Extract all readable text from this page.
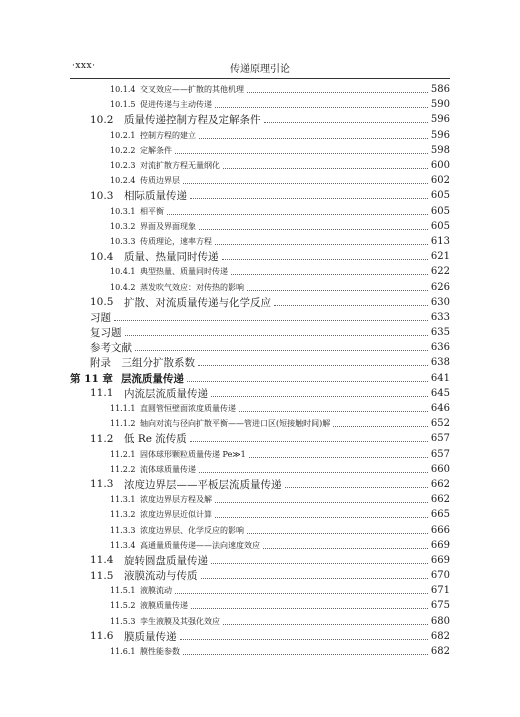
·xxx·	传递原理引论
10.1.4 交叉效应——扩散的其他机理	586
10.1.5 促进传递与主动传递	590
10.2	质量传递控制方程及定解条件	596
10.2.1 控制方程的建立	596
10.2.2 定解条件	598
10.2.3 对流扩散方程无量纲化	600
10.2.4 传质边界层	602
10.3	相际质量传递	605
10.3.1 相平衡	605
10.3.2 界面及界面现象	605
10.3.3 传质理论，速率方程	613
10.4	质量、热量同时传递	621
10.4.1 典型热量、质量同时传递	622
10.4.2 蒸发吹气效应：对传热的影响	626
10.5	扩散、对流质量传递与化学反应	630
习题	633
复习题	635
参考文献	636
附录　三组分扩散系数	638
第 11 章 层流质量传递	641
11.1	内流层流质量传递	645
11.1.1 直圆管恒壁面浓度质量传递	646
11.1.2 轴向对流与径向扩散平衡——管进口区(短接触时间)解	652
11.2	低 Re 流传质	657
11.2.1 固体球形颗粒质量传递 Pe≫1	657
11.2.2 流体球质量传递	660
11.3	浓度边界层——平板层流质量传递	662
11.3.1 浓度边界层方程及解	662
11.3.2 浓度边界层近似计算	665
11.3.3 浓度边界层、化学反应的影响	666
11.3.4 高通量质量传递——法向速度效应	669
11.4	旋转圆盘质量传递	669
11.5	液膜流动与传质	670
11.5.1 液膜流动	671
11.5.2 液膜质量传递	675
11.5.3 孪生液膜及其强化效应	680
11.6	膜质量传递	682
11.6.1 膜性能参数	682
